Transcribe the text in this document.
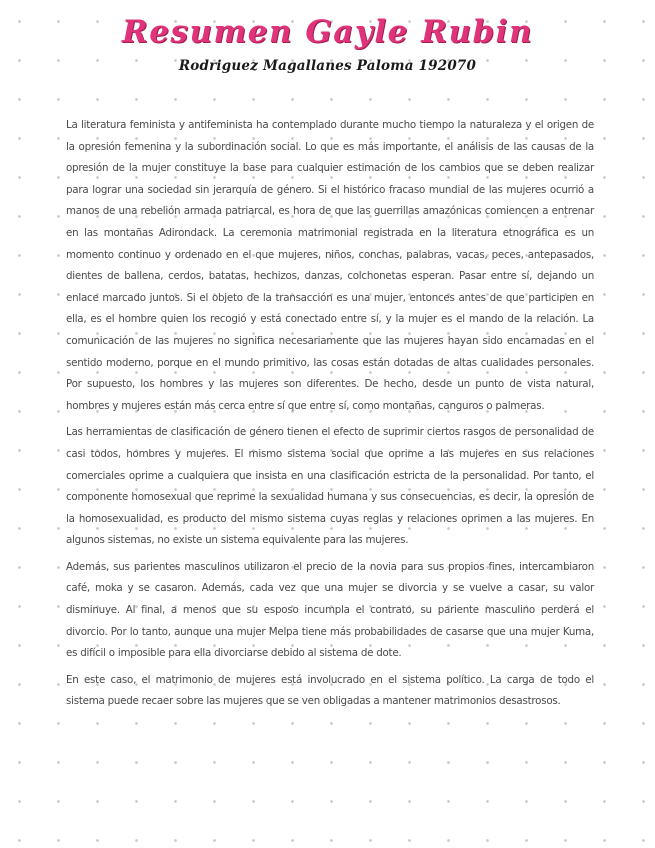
Resumen Gayle Rubin
Rodriguez Magallanes Paloma 192070

La literatura feminista y antifeminista ha contemplado durante mucho tiempo la naturaleza y el origen de la opresión femenina y la subordinación social. Lo que es más importante, el análisis de las causas de la opresión de la mujer constituye la base para cualquier estimación de los cambios que se deben realizar para lograr una sociedad sin jerarquía de género. Si el histórico fracaso mundial de las mujeres ocurrió a manos de una rebelión armada patriarcal, es hora de que las guerrillas amazónicas comiencen a entrenar en las montañas Adirondack. La ceremonia matrimonial registrada en la literatura etnográfica es un momento continuo y ordenado en el que mujeres, niños, conchas, palabras, vacas, peces, antepasados, dientes de ballena, cerdos, batatas, hechizos, danzas, colchonetas esperan. Pasar entre sí, dejando un enlace marcado juntos. Si el objeto de la transacción es una mujer, entonces antes de que participen en ella, es el hombre quien los recogió y está conectado entre sí, y la mujer es el mando de la relación. La comunicación de las mujeres no significa necesariamente que las mujeres hayan sido encarnadas en el sentido moderno, porque en el mundo primitivo, las cosas están dotadas de altas cualidades personales. Por supuesto, los hombres y las mujeres son diferentes. De hecho, desde un punto de vista natural, hombres y mujeres están más cerca entre sí que entre sí, como montañas, canguros o palmeras.

Las herramientas de clasificación de género tienen el efecto de suprimir ciertos rasgos de personalidad de casi todos, hombres y mujeres. El mismo sistema social que oprime a las mujeres en sus relaciones comerciales oprime a cualquiera que insista en una clasificación estricta de la personalidad. Por tanto, el componente homosexual que reprime la sexualidad humana y sus consecuencias, es decir, la opresión de la homosexualidad, es producto del mismo sistema cuyas reglas y relaciones oprimen a las mujeres. En algunos sistemas, no existe un sistema equivalente para las mujeres.

Además, sus parientes masculinos utilizaron el precio de la novia para sus propios fines, intercambiaron café, moka y se casaron. Además, cada vez que una mujer se divorcia y se vuelve a casar, su valor disminuye. Al final, a menos que su esposo incumpla el contrato, su pariente masculino perderá el divorcio. Por lo tanto, aunque una mujer Melpa tiene más probabilidades de casarse que una mujer Kuma, es difícil o imposible para ella divorciarse debido al sistema de dote.

En este caso, el matrimonio de mujeres está involucrado en el sistema político. La carga de todo el sistema puede recaer sobre las mujeres que se ven obligadas a mantener matrimonios desastrosos.
